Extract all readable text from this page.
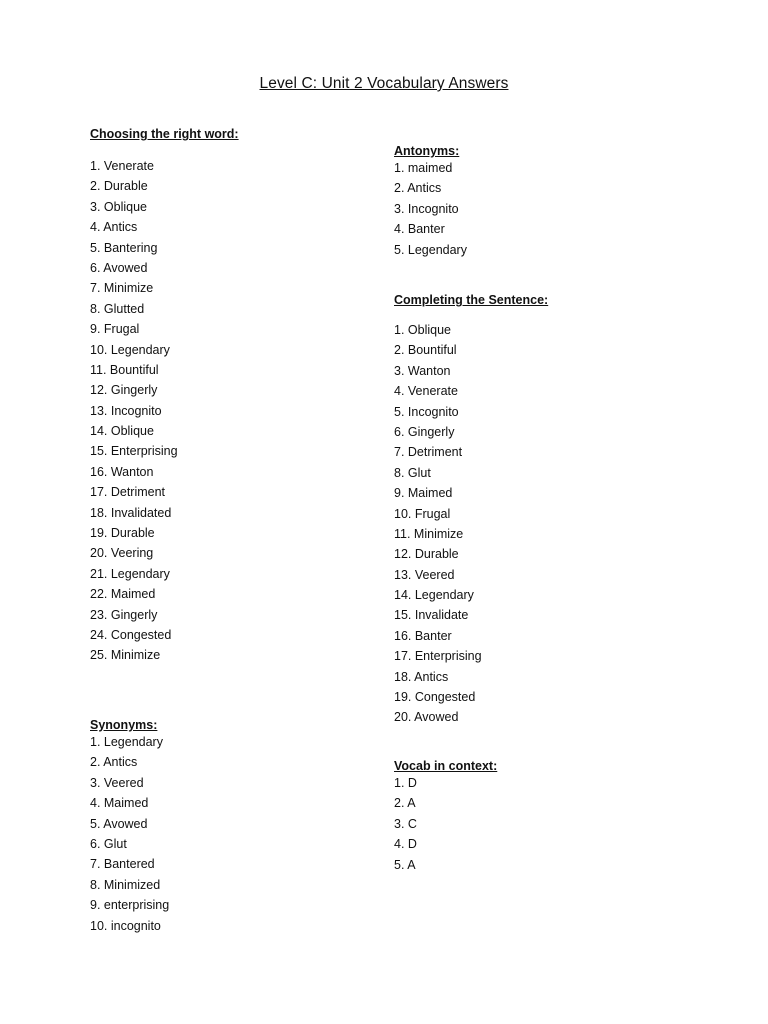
Level C: Unit 2 Vocabulary Answers
Choosing the right word:
1. Venerate
2. Durable
3. Oblique
4. Antics
5. Bantering
6. Avowed
7. Minimize
8. Glutted
9. Frugal
10. Legendary
11. Bountiful
12. Gingerly
13. Incognito
14. Oblique
15. Enterprising
16. Wanton
17. Detriment
18. Invalidated
19. Durable
20. Veering
21. Legendary
22. Maimed
23. Gingerly
24. Congested
25. Minimize
Synonyms:
1. Legendary
2. Antics
3. Veered
4. Maimed
5. Avowed
6. Glut
7. Bantered
8. Minimized
9. enterprising
10. incognito
Antonyms:
1. maimed
2. Antics
3. Incognito
4. Banter
5. Legendary
Completing the Sentence:
1. Oblique
2. Bountiful
3. Wanton
4. Venerate
5. Incognito
6. Gingerly
7. Detriment
8. Glut
9. Maimed
10. Frugal
11. Minimize
12. Durable
13. Veered
14. Legendary
15. Invalidate
16. Banter
17. Enterprising
18. Antics
19. Congested
20. Avowed
Vocab in context:
1. D
2. A
3. C
4. D
5. A
